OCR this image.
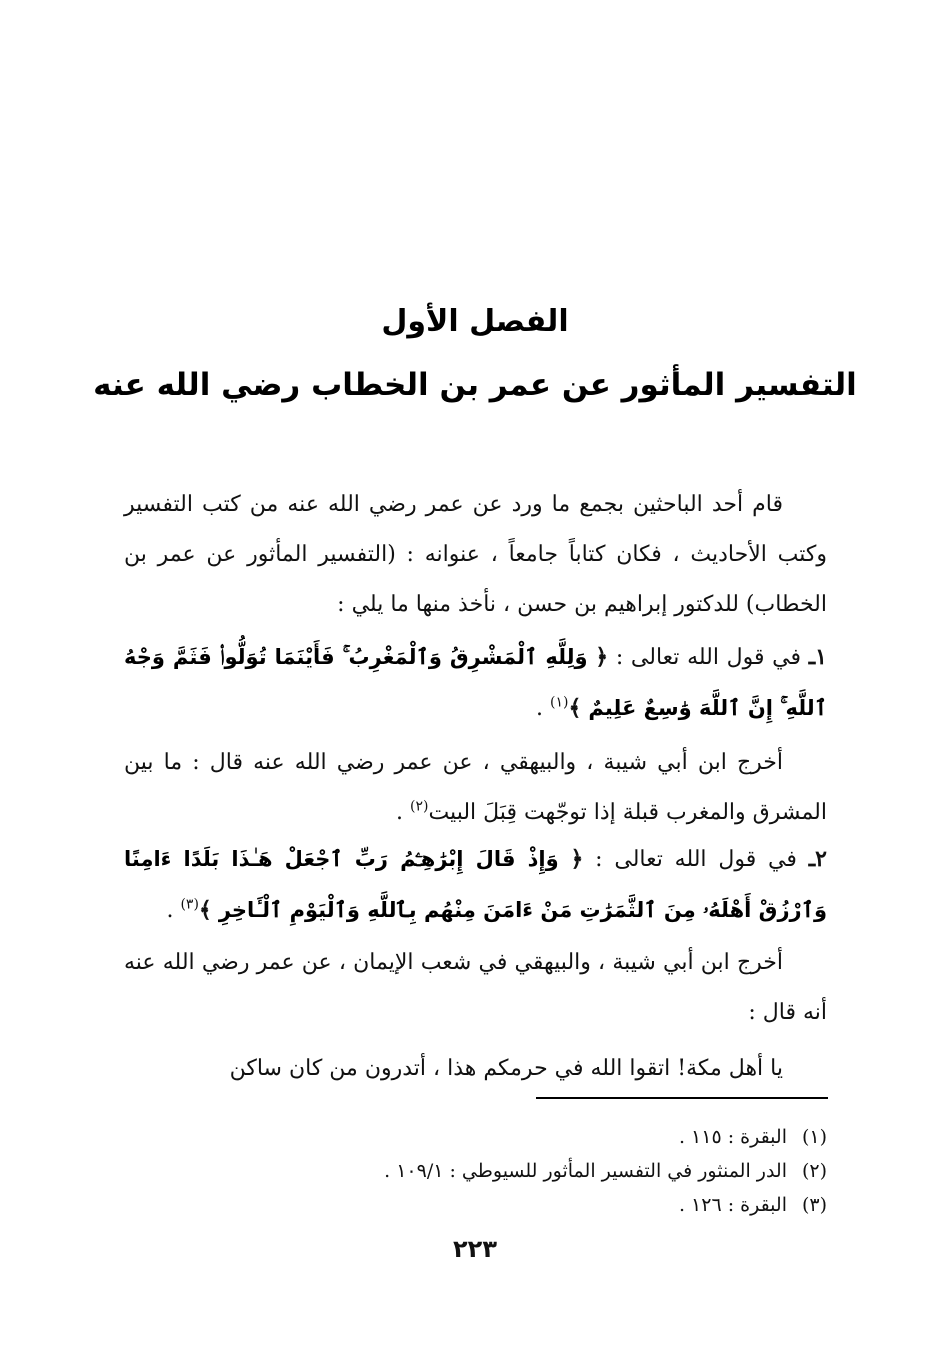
الفصل الأول
التفسير المأثور عن عمر بن الخطاب رضي الله عنه

قام أحد الباحثين بجمع ما ورد عن عمر رضي الله عنه من كتب التفسير وكتب الأحاديث ، فكان كتاباً جامعاً ، عنوانه : (التفسير المأثور عن عمر بن الخطاب) للدكتور إبراهيم بن حسن ، نأخذ منها ما يلي :

١ـ في قول الله تعالى : ﴿ وَلِلَّهِ ٱلْمَشْرِقُ وَٱلْمَغْرِبُ ۚ فَأَيْنَمَا تُوَلُّوا۟ فَثَمَّ وَجْهُ ٱللَّهِ ۚ إِنَّ ٱللَّهَ وَٰسِعٌ عَلِيمٌ ﴾$^{(١)}$ .

أخرج ابن أبي شيبة ، والبيهقي ، عن عمر رضي الله عنه قال : ما بين المشرق والمغرب قبلة إذا توجّهت قِبَلَ البيت$^{(٢)}$ .

٢ـ في قول الله تعالى : ﴿ وَإِذْ قَالَ إِبْرَٰهِـۧمُ رَبِّ ٱجْعَلْ هَـٰذَا بَلَدًا ءَامِنًا وَٱرْزُقْ أَهْلَهُۥ مِنَ ٱلثَّمَرَٰتِ مَنْ ءَامَنَ مِنْهُم بِٱللَّهِ وَٱلْيَوْمِ ٱلْـَٔاخِرِ ﴾$^{(٣)}$ .

أخرج ابن أبي شيبة ، والبيهقي في شعب الإيمان ، عن عمر رضي الله عنه أنه قال :

يا أهل مكة! اتقوا الله في حرمكم هذا ، أتدرون من كان ساكن

(١)البقرة : ١١٥ .
(٢)الدر المنثور في التفسير المأثور للسيوطي : ١٠٩/١ .
(٣)البقرة : ١٢٦ .
٢٢٣
